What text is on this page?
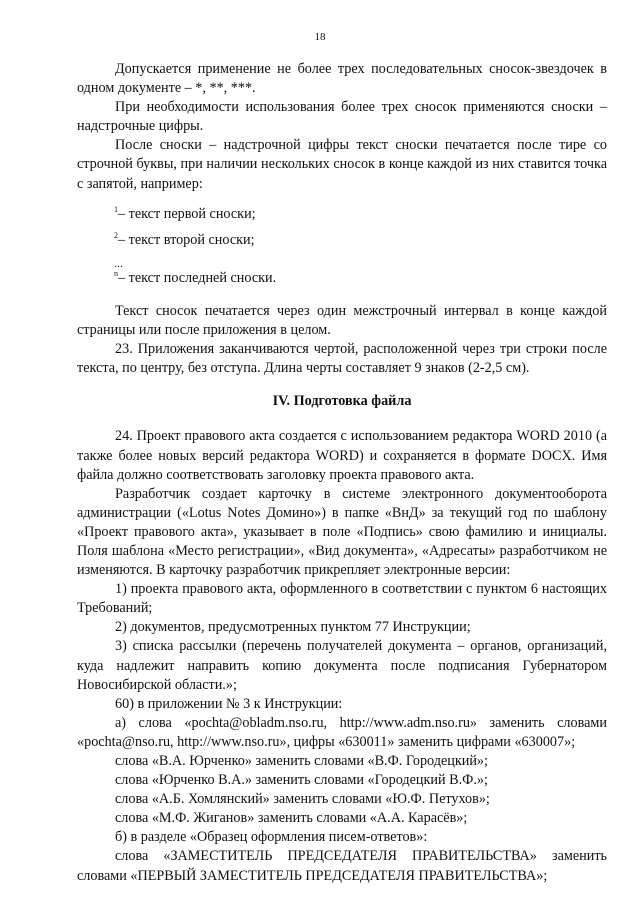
18

Допускается применение не более трех последовательных сносок-звездочек в одном документе – *, **, ***.

При необходимости использования более трех сносок применяются сноски – надстрочные цифры.

После сноски – надстрочной цифры текст сноски печатается после тире со строчной буквы, при наличии нескольких сносок в конце каждой из них ставится точка с запятой, например:

$^1$– текст первой сноски;
$^2$– текст второй сноски;
...
$^n$– текст последней сноски.

Текст сносок печатается через один межстрочный интервал в конце каждой страницы или после приложения в целом.

23. Приложения заканчиваются чертой, расположенной через три строки после текста, по центру, без отступа. Длина черты составляет 9 знаков (2-2,5 см).

IV. Подготовка файла

24. Проект правового акта создается с использованием редактора WORD 2010 (а также более новых версий редактора WORD) и сохраняется в формате DOCX. Имя файла должно соответствовать заголовку проекта правового акта.

Разработчик создает карточку в системе электронного документооборота администрации («Lotus Notes Домино») в папке «ВнД» за текущий год по шаблону «Проект правового акта», указывает в поле «Подпись» свою фамилию и инициалы. Поля шаблона «Место регистрации», «Вид документа», «Адресаты» разработчиком не изменяются. В карточку разработчик прикрепляет электронные версии:

1) проекта правового акта, оформленного в соответствии с пунктом 6 настоящих Требований;

2) документов, предусмотренных пунктом 77 Инструкции;

3) списка рассылки (перечень получателей документа – органов, организаций, куда надлежит направить копию документа после подписания Губернатором Новосибирской области.»;

60) в приложении № 3 к Инструкции:

а) слова «pochta@obladm.nso.ru, http://www.adm.nso.ru» заменить словами «pochta@nso.ru, http://www.nso.ru», цифры «630011» заменить цифрами «630007»;

слова «В.А. Юрченко» заменить словами «В.Ф. Городецкий»;

слова «Юрченко В.А.» заменить словами «Городецкий В.Ф.»;

слова «А.Б. Хомлянский» заменить словами «Ю.Ф. Петухов»;

слова «М.Ф. Жиганов» заменить словами «А.А. Карасёв»;

б) в разделе «Образец оформления писем-ответов»:

слова «ЗАМЕСТИТЕЛЬ ПРЕДСЕДАТЕЛЯ ПРАВИТЕЛЬСТВА» заменить словами «ПЕРВЫЙ ЗАМЕСТИТЕЛЬ ПРЕДСЕДАТЕЛЯ ПРАВИТЕЛЬСТВА»;
